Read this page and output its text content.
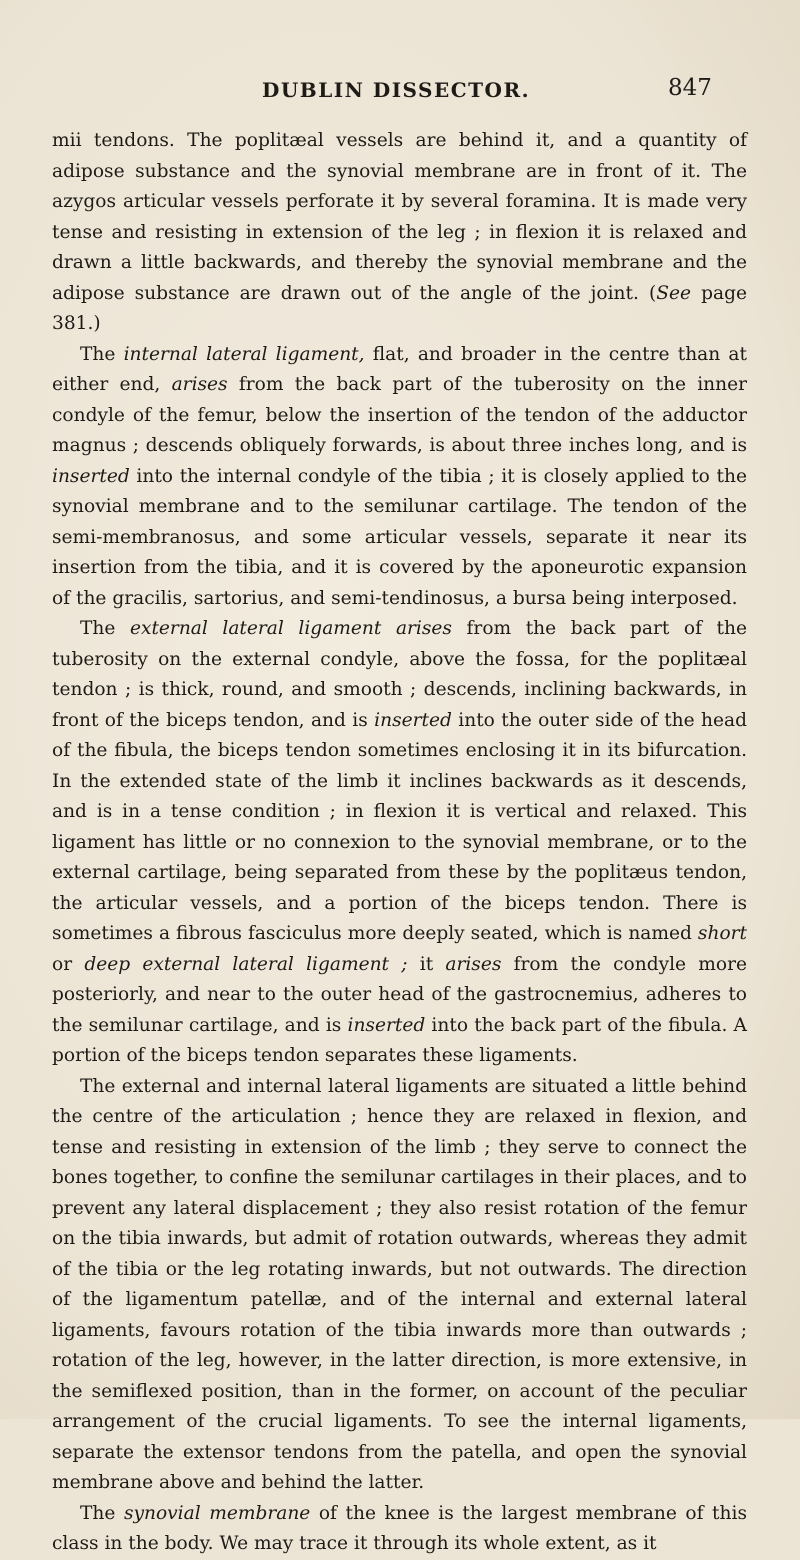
DUBLIN DISSECTOR.	847

mii tendons. The poplitæal vessels are behind it, and a quantity of adipose substance and the synovial membrane are in front of it. The azygos articular vessels perforate it by several foramina. It is made very tense and resisting in extension of the leg ; in flexion it is relaxed and drawn a little backwards, and thereby the synovial membrane and the adipose substance are drawn out of the angle of the joint. (See page 381.)

The internal lateral ligament, flat, and broader in the centre than at either end, arises from the back part of the tuberosity on the inner condyle of the femur, below the insertion of the tendon of the adductor magnus ; descends obliquely forwards, is about three inches long, and is inserted into the internal condyle of the tibia ; it is closely applied to the synovial membrane and to the semilunar cartilage. The tendon of the semi-membranosus, and some articular vessels, separate it near its insertion from the tibia, and it is covered by the aponeurotic expansion of the gracilis, sartorius, and semi-tendinosus, a bursa being interposed.

The external lateral ligament arises from the back part of the tuberosity on the external condyle, above the fossa, for the poplitæal tendon ; is thick, round, and smooth ; descends, inclining backwards, in front of the biceps tendon, and is inserted into the outer side of the head of the fibula, the biceps tendon sometimes enclosing it in its bifurcation. In the extended state of the limb it inclines backwards as it descends, and is in a tense condition ; in flexion it is vertical and relaxed. This ligament has little or no connexion to the synovial membrane, or to the external cartilage, being separated from these by the poplitæus tendon, the articular vessels, and a portion of the biceps tendon. There is sometimes a fibrous fasciculus more deeply seated, which is named short or deep external lateral ligament ; it arises from the condyle more posteriorly, and near to the outer head of the gastrocnemius, adheres to the semilunar cartilage, and is inserted into the back part of the fibula. A portion of the biceps tendon separates these ligaments.

The external and internal lateral ligaments are situated a little behind the centre of the articulation ; hence they are relaxed in flexion, and tense and resisting in extension of the limb ; they serve to connect the bones together, to confine the semilunar cartilages in their places, and to prevent any lateral displacement ; they also resist rotation of the femur on the tibia inwards, but admit of rotation outwards, whereas they admit of the tibia or the leg rotating inwards, but not outwards. The direction of the ligamentum patellæ, and of the internal and external lateral ligaments, favours rotation of the tibia inwards more than outwards ; rotation of the leg, however, in the latter direction, is more extensive, in the semiflexed position, than in the former, on account of the peculiar arrangement of the crucial ligaments. To see the internal ligaments, separate the extensor tendons from the patella, and open the synovial membrane above and behind the latter.

The synovial membrane of the knee is the largest membrane of this class in the body. We may trace it through its whole extent, as it
